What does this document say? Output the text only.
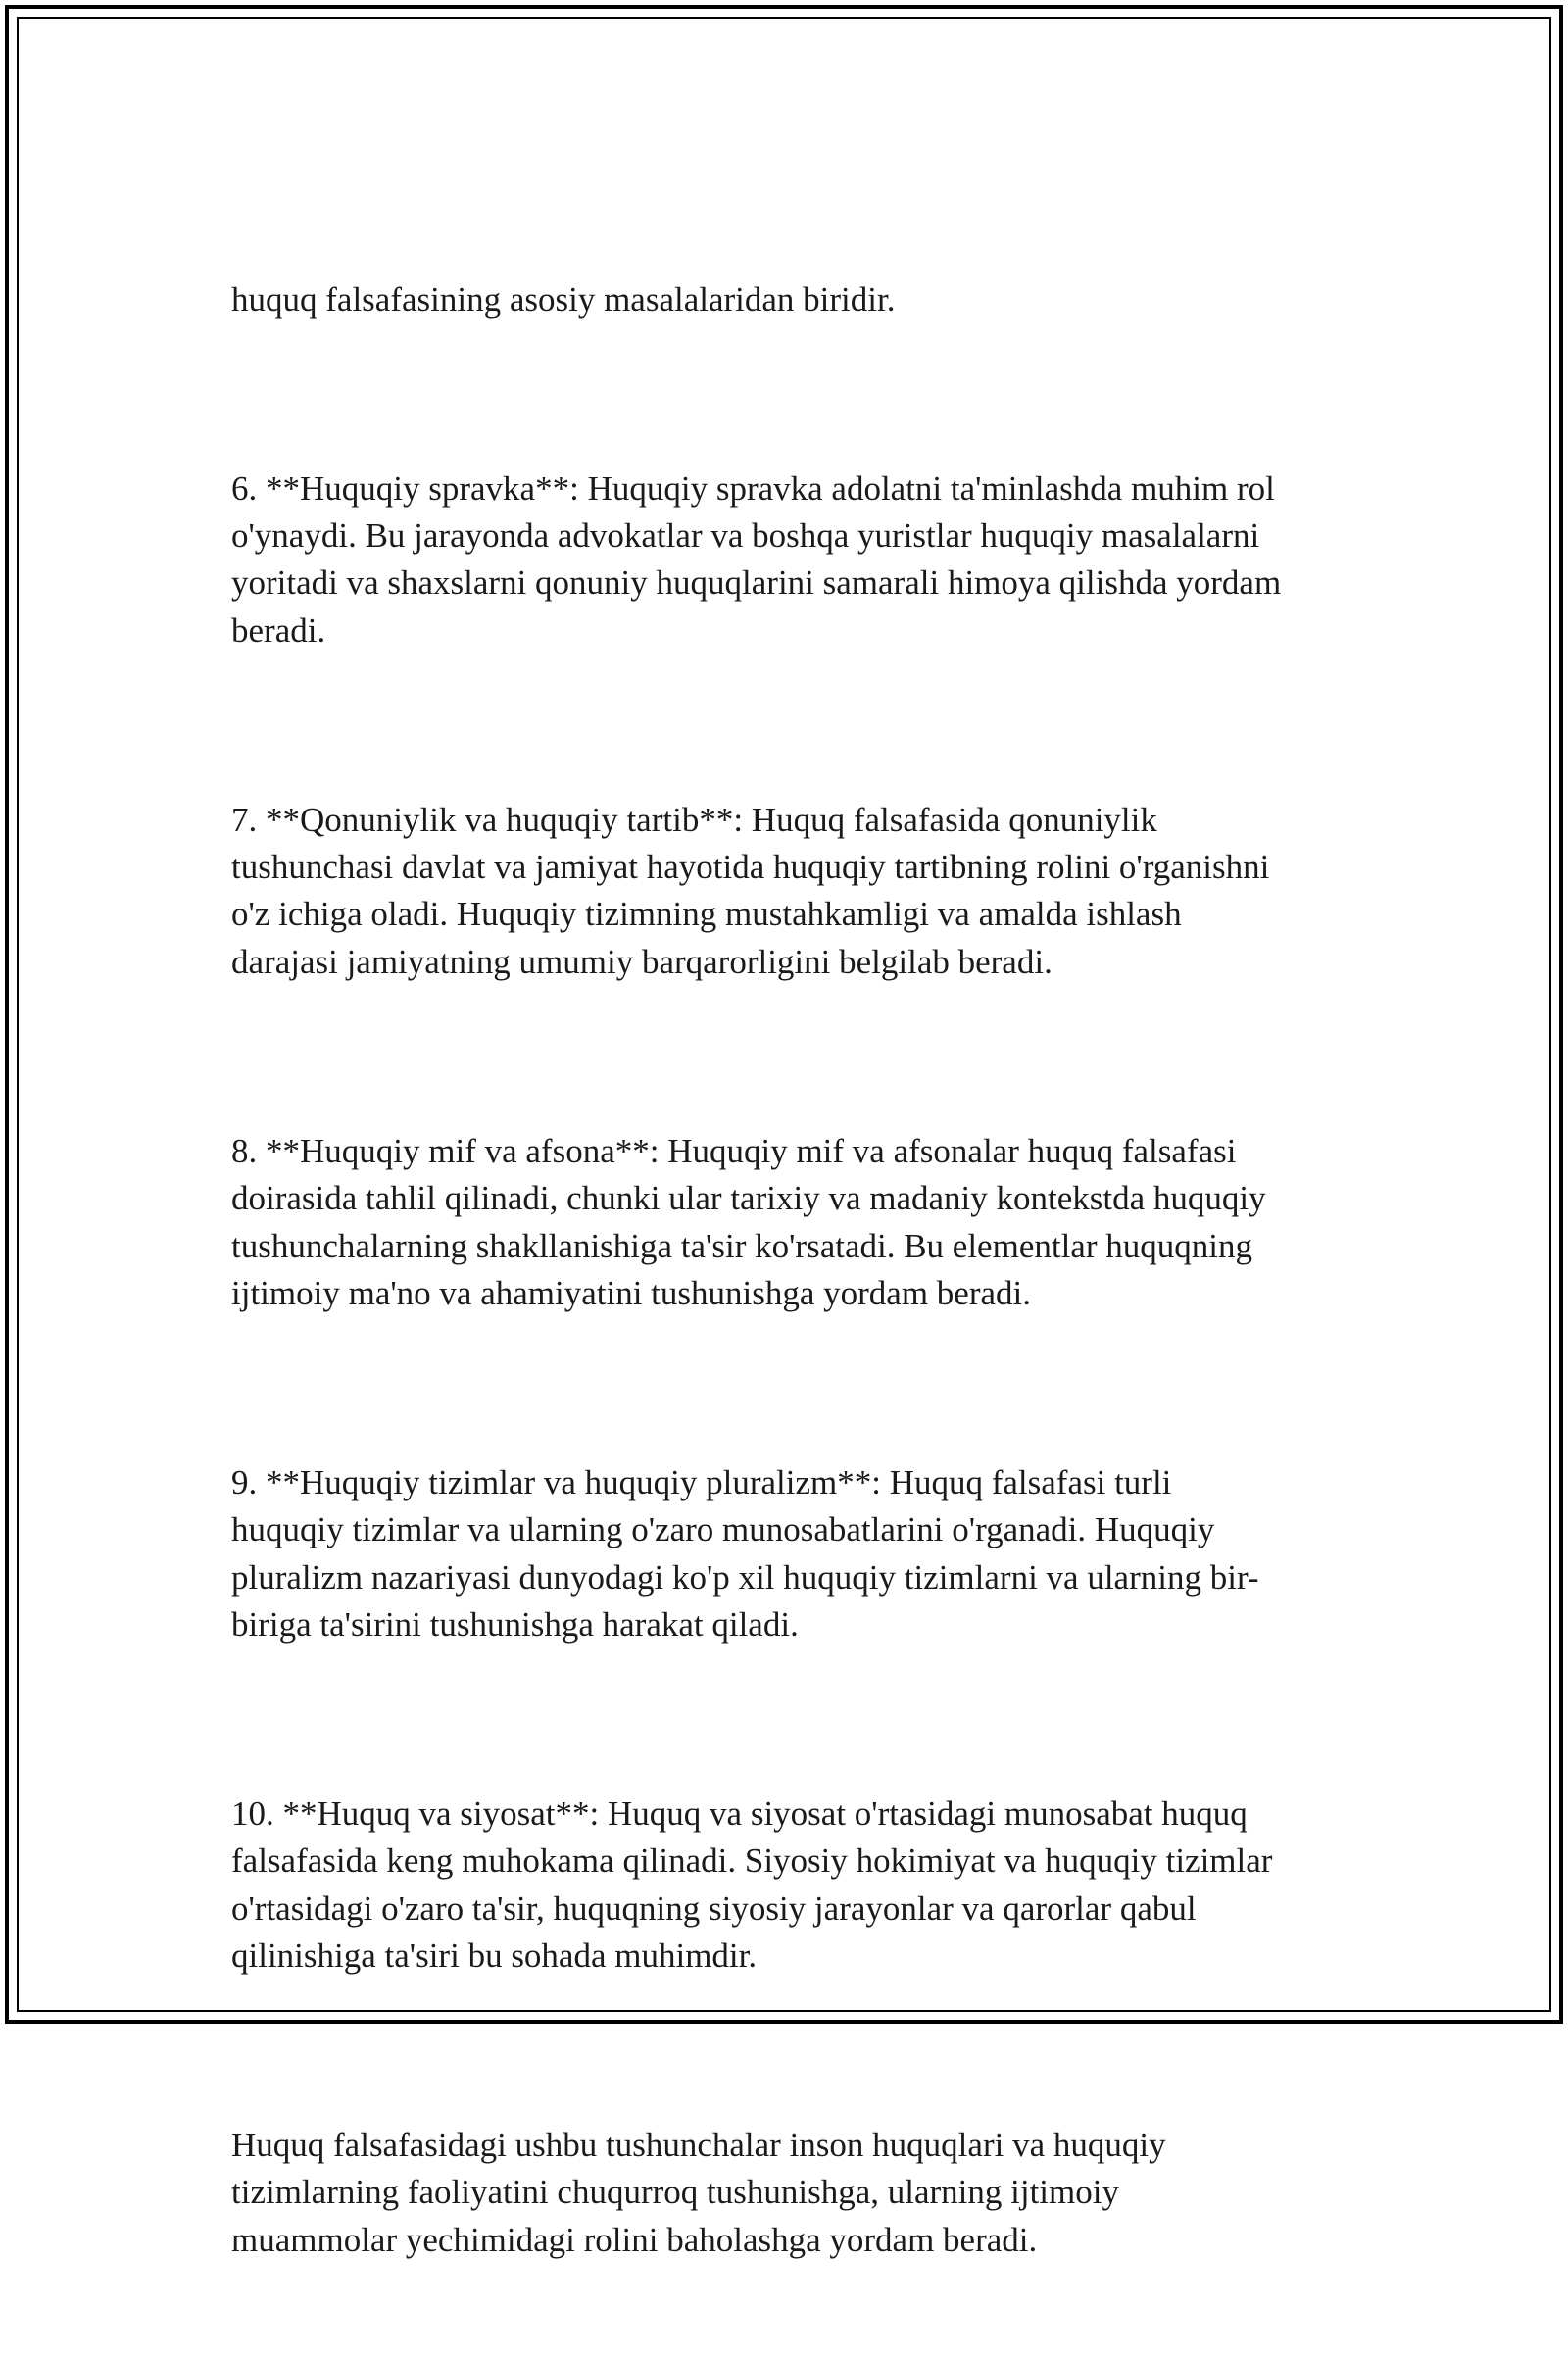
huquq falsafasining asosiy masalalaridan biridir.

6. **Huquqiy spravka**: Huquqiy spravka adolatni ta'minlashda muhim rol
o'ynaydi. Bu jarayonda advokatlar va boshqa yuristlar huquqiy masalalarni
yoritadi va shaxslarni qonuniy huquqlarini samarali himoya qilishda yordam
beradi.

7. **Qonuniylik va huquqiy tartib**: Huquq falsafasida qonuniylik
tushunchasi davlat va jamiyat hayotida huquqiy tartibning rolini o'rganishni
o'z ichiga oladi. Huquqiy tizimning mustahkamligi va amalda ishlash
darajasi jamiyatning umumiy barqarorligini belgilab beradi.

8. **Huquqiy mif va afsona**: Huquqiy mif va afsonalar huquq falsafasi
doirasida tahlil qilinadi, chunki ular tarixiy va madaniy kontekstda huquqiy
tushunchalarning shakllanishiga ta'sir ko'rsatadi. Bu elementlar huquqning
ijtimoiy ma'no va ahamiyatini tushunishga yordam beradi.

9. **Huquqiy tizimlar va huquqiy pluralizm**: Huquq falsafasi turli
huquqiy tizimlar va ularning o'zaro munosabatlarini o'rganadi. Huquqiy
pluralizm nazariyasi dunyodagi ko'p xil huquqiy tizimlarni va ularning bir-
biriga ta'sirini tushunishga harakat qiladi.

10. **Huquq va siyosat**: Huquq va siyosat o'rtasidagi munosabat huquq
falsafasida keng muhokama qilinadi. Siyosiy hokimiyat va huquqiy tizimlar
o'rtasidagi o'zaro ta'sir, huquqning siyosiy jarayonlar va qarorlar qabul
qilinishiga ta'siri bu sohada muhimdir.

Huquq falsafasidagi ushbu tushunchalar inson huquqlari va huquqiy
tizimlarning faoliyatini chuqurroq tushunishga, ularning ijtimoiy
muammolar yechimidagi rolini baholashga yordam beradi.
